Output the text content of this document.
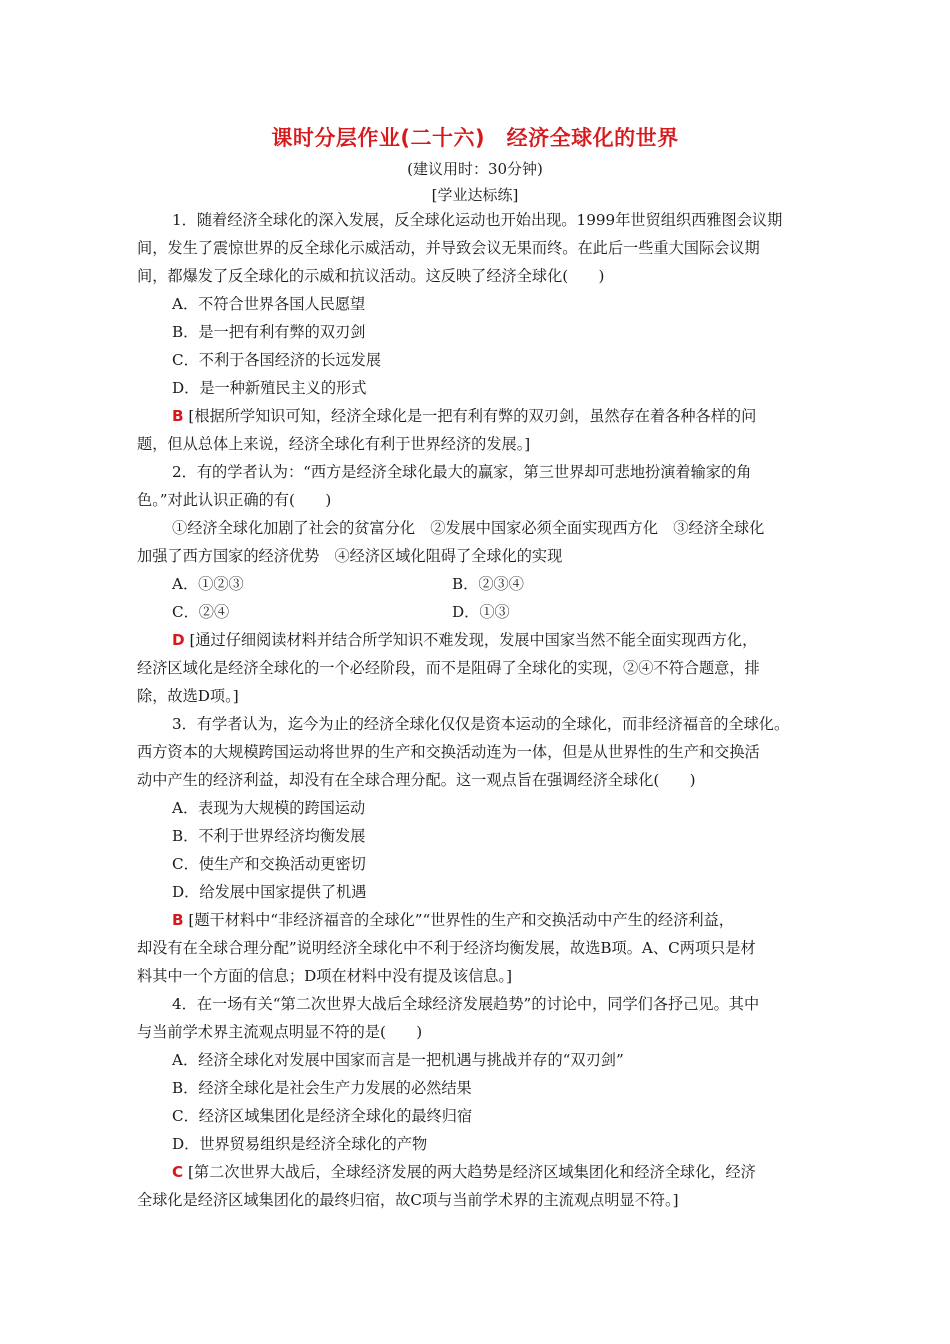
课时分层作业(二十六)　经济全球化的世界
(建议用时：30分钟)
[学业达标练]
1．随着经济全球化的深入发展，反全球化运动也开始出现。1999年世贸组织西雅图会议期
间，发生了震惊世界的反全球化示威活动，并导致会议无果而终。在此后一些重大国际会议期
间，都爆发了反全球化的示威和抗议活动。这反映了经济全球化(　　)
A．不符合世界各国人民愿望
B．是一把有利有弊的双刃剑
C．不利于各国经济的长远发展
D．是一种新殖民主义的形式
B [根据所学知识可知，经济全球化是一把有利有弊的双刃剑，虽然存在着各种各样的问
题，但从总体上来说，经济全球化有利于世界经济的发展。]
2．有的学者认为：“西方是经济全球化最大的赢家，第三世界却可悲地扮演着输家的角
色。”对此认识正确的有(　　)
①经济全球化加剧了社会的贫富分化　②发展中国家必须全面实现西方化　③经济全球化
加强了西方国家的经济优势　④经济区域化阻碍了全球化的实现
A．①②③	B．②③④
C．②④	D．①③
D [通过仔细阅读材料并结合所学知识不难发现，发展中国家当然不能全面实现西方化，
经济区域化是经济全球化的一个必经阶段，而不是阻碍了全球化的实现，②④不符合题意，排
除，故选D项。]
3．有学者认为，迄今为止的经济全球化仅仅是资本运动的全球化，而非经济福音的全球化。
西方资本的大规模跨国运动将世界的生产和交换活动连为一体，但是从世界性的生产和交换活
动中产生的经济利益，却没有在全球合理分配。这一观点旨在强调经济全球化(　　)
A．表现为大规模的跨国运动
B．不利于世界经济均衡发展
C．使生产和交换活动更密切
D．给发展中国家提供了机遇
B [题干材料中“非经济福音的全球化”“世界性的生产和交换活动中产生的经济利益，
却没有在全球合理分配”说明经济全球化中不利于经济均衡发展，故选B项。A、C两项只是材
料其中一个方面的信息；D项在材料中没有提及该信息。]
4．在一场有关“第二次世界大战后全球经济发展趋势”的讨论中，同学们各抒己见。其中
与当前学术界主流观点明显不符的是(　　)
A．经济全球化对发展中国家而言是一把机遇与挑战并存的“双刃剑”
B．经济全球化是社会生产力发展的必然结果
C．经济区域集团化是经济全球化的最终归宿
D．世界贸易组织是经济全球化的产物
C [第二次世界大战后，全球经济发展的两大趋势是经济区域集团化和经济全球化，经济
全球化是经济区域集团化的最终归宿，故C项与当前学术界的主流观点明显不符。]
